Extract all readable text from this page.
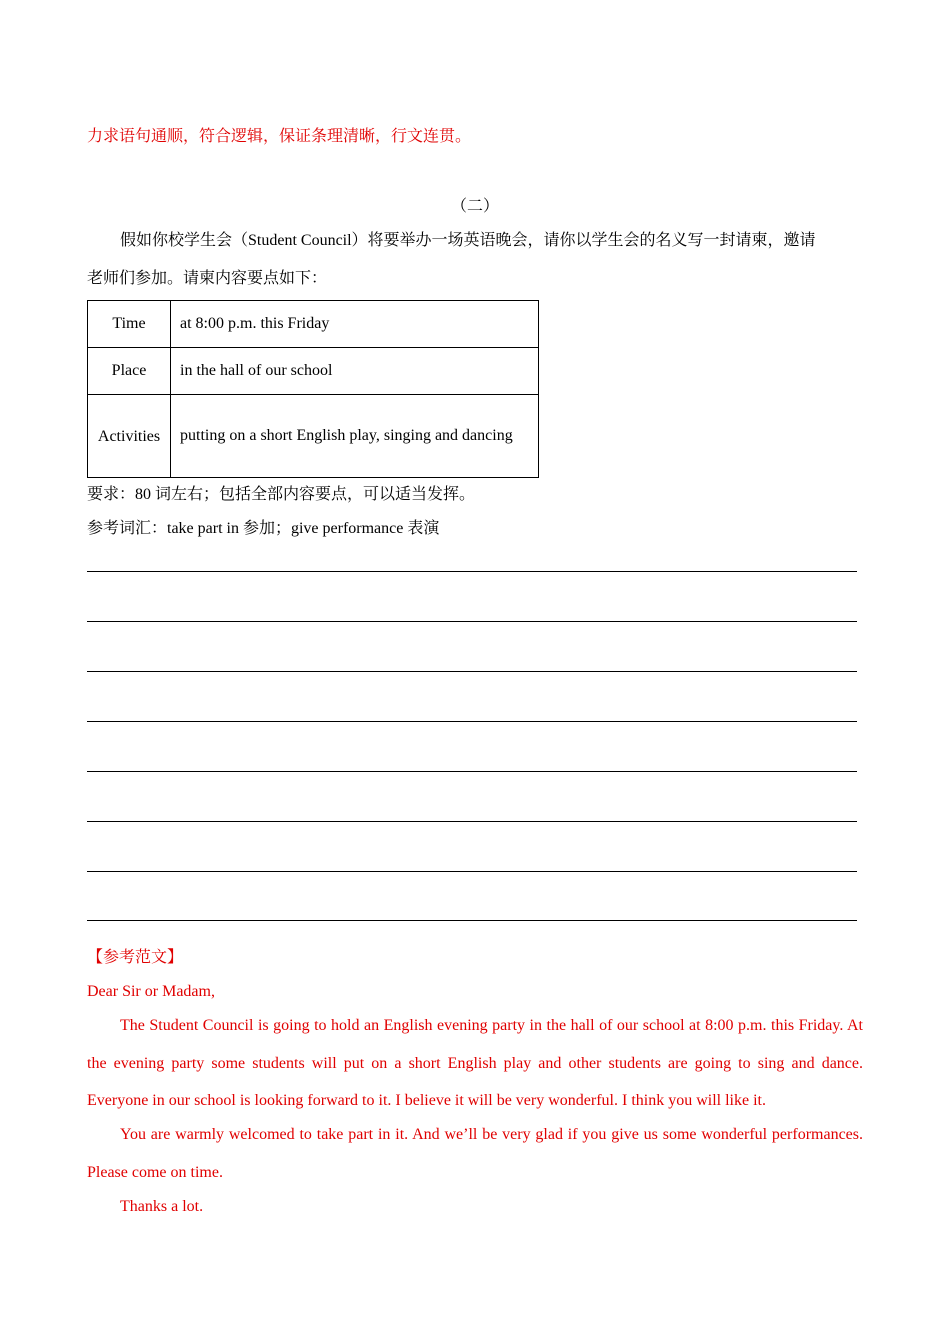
力求语句通顺，符合逻辑，保证条理清晰，行文连贯。
（二）
假如你校学生会（Student Council）将要举办一场英语晚会，请你以学生会的名义写一封请柬，邀请
老师们参加。请柬内容要点如下：
Time	at 8:00 p.m. this Friday
Place	in the hall of our school
Activities	putting on a short English play, singing and dancing
要求：80 词左右；包括全部内容要点，可以适当发挥。
参考词汇：take part in 参加；give performance 表演
【参考范文】
Dear Sir or Madam,
The Student Council is going to hold an English evening party in the hall of our school at 8:00 p.m. this Friday. At the evening party some students will put on a short English play and other students are going to sing and dance. Everyone in our school is looking forward to it. I believe it will be very wonderful. I think you will like it.
You are warmly welcomed to take part in it. And we’ll be very glad if you give us some wonderful performances. Please come on time.
Thanks a lot.
